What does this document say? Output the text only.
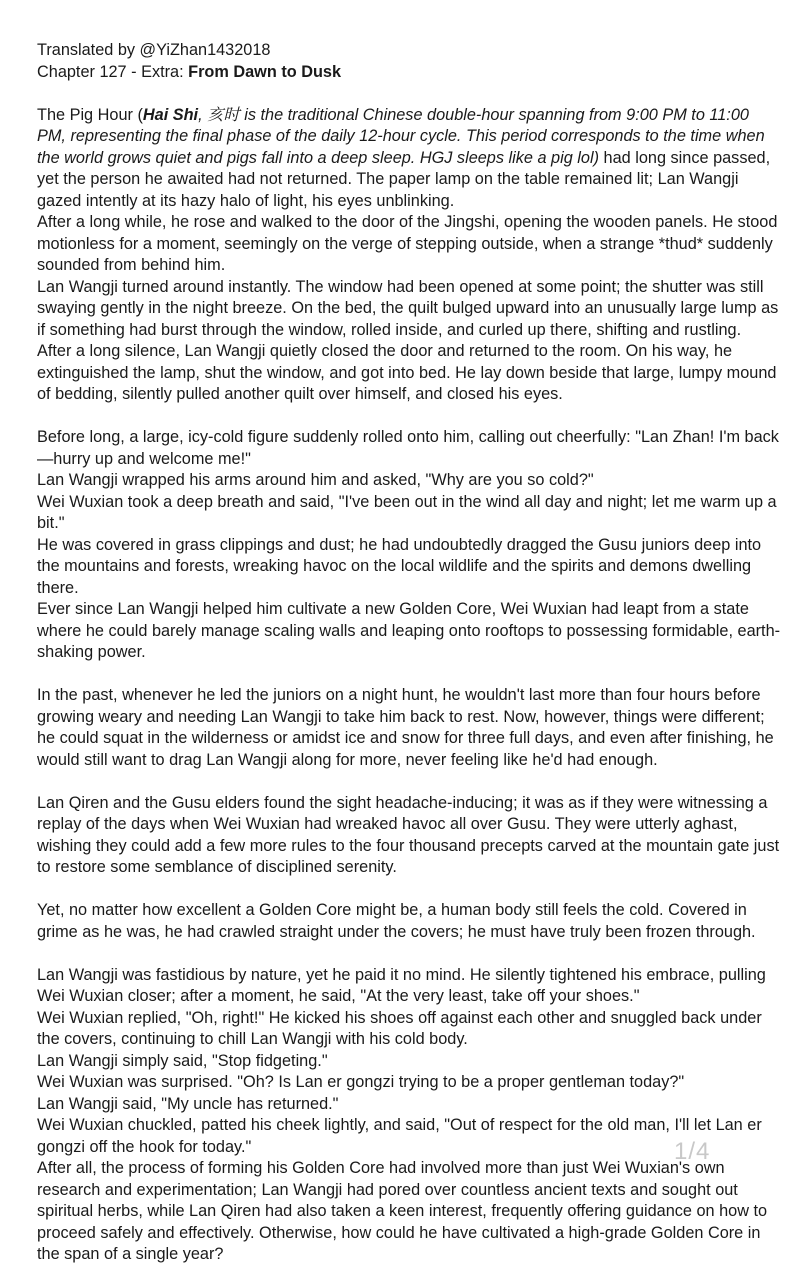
Translated by @YiZhan1432018

Chapter 127 - Extra: From Dawn to Dusk

The Pig Hour (Hai Shi, 亥时 is the traditional Chinese double-hour spanning from 9:00 PM to 11:00 PM, representing the final phase of the daily 12-hour cycle. This period corresponds to the time when the world grows quiet and pigs fall into a deep sleep. HGJ sleeps like a pig lol) had long since passed, yet the person he awaited had not returned. The paper lamp on the table remained lit; Lan Wangji gazed intently at its hazy halo of light, his eyes unblinking.

After a long while, he rose and walked to the door of the Jingshi, opening the wooden panels. He stood motionless for a moment, seemingly on the verge of stepping outside, when a strange *thud* suddenly sounded from behind him.

Lan Wangji turned around instantly. The window had been opened at some point; the shutter was still swaying gently in the night breeze. On the bed, the quilt bulged upward into an unusually large lump as if something had burst through the window, rolled inside, and curled up there, shifting and rustling.

After a long silence, Lan Wangji quietly closed the door and returned to the room. On his way, he extinguished the lamp, shut the window, and got into bed. He lay down beside that large, lumpy mound of bedding, silently pulled another quilt over himself, and closed his eyes.

Before long, a large, icy-cold figure suddenly rolled onto him, calling out cheerfully: "Lan Zhan! I'm back—hurry up and welcome me!"

Lan Wangji wrapped his arms around him and asked, "Why are you so cold?"

Wei Wuxian took a deep breath and said, "I've been out in the wind all day and night; let me warm up a bit."

He was covered in grass clippings and dust; he had undoubtedly dragged the Gusu juniors deep into the mountains and forests, wreaking havoc on the local wildlife and the spirits and demons dwelling there.

Ever since Lan Wangji helped him cultivate a new Golden Core, Wei Wuxian had leapt from a state where he could barely manage scaling walls and leaping onto rooftops to possessing formidable, earth-shaking power.

In the past, whenever he led the juniors on a night hunt, he wouldn't last more than four hours before growing weary and needing Lan Wangji to take him back to rest. Now, however, things were different; he could squat in the wilderness or amidst ice and snow for three full days, and even after finishing, he would still want to drag Lan Wangji along for more, never feeling like he'd had enough.

Lan Qiren and the Gusu elders found the sight headache-inducing; it was as if they were witnessing a replay of the days when Wei Wuxian had wreaked havoc all over Gusu. They were utterly aghast, wishing they could add a few more rules to the four thousand precepts carved at the mountain gate just to restore some semblance of disciplined serenity.

Yet, no matter how excellent a Golden Core might be, a human body still feels the cold. Covered in grime as he was, he had crawled straight under the covers; he must have truly been frozen through.

Lan Wangji was fastidious by nature, yet he paid it no mind. He silently tightened his embrace, pulling Wei Wuxian closer; after a moment, he said, "At the very least, take off your shoes."

Wei Wuxian replied, "Oh, right!" He kicked his shoes off against each other and snuggled back under the covers, continuing to chill Lan Wangji with his cold body.

Lan Wangji simply said, "Stop fidgeting."

Wei Wuxian was surprised. "Oh? Is Lan er gongzi trying to be a proper gentleman today?"

Lan Wangji said, "My uncle has returned."

Wei Wuxian chuckled, patted his cheek lightly, and said, "Out of respect for the old man, I'll let Lan er gongzi off the hook for today."

After all, the process of forming his Golden Core had involved more than just Wei Wuxian's own research and experimentation; Lan Wangji had pored over countless ancient texts and sought out spiritual herbs, while Lan Qiren had also taken a keen interest, frequently offering guidance on how to proceed safely and effectively. Otherwise, how could he have cultivated a high-grade Golden Core in the span of a single year?

1/4
